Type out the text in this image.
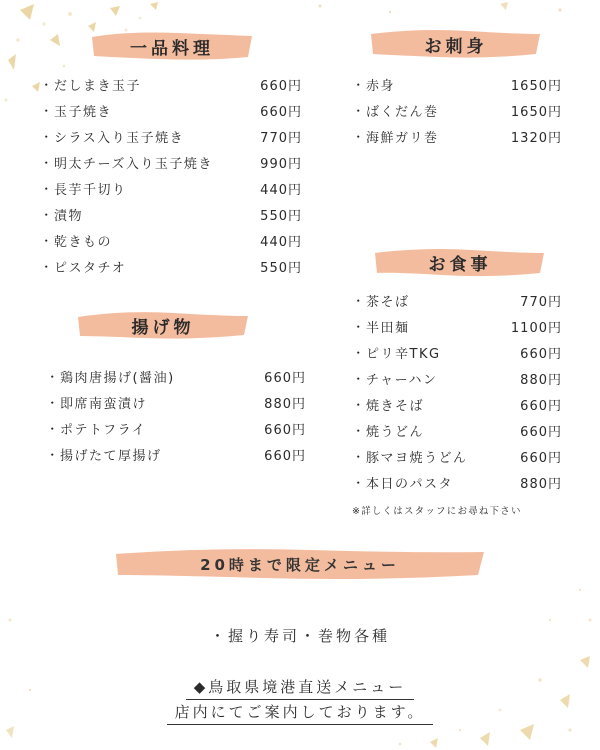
一品料理
・ だしまき玉子	660円
・ 玉子焼き	660円
・ シラス入り玉子焼き	770円
・ 明太チーズ入り玉子焼き	990円
・ 長芋千切り	440円
・ 漬物	550円
・ 乾きもの	440円
・ ピスタチオ	550円
お刺身
・ 赤身	1650円
・ ばくだん巻	1650円
・ 海鮮ガリ巻	1320円
揚げ物
・ 鶏肉唐揚げ(醤油)	660円
・ 即席南蛮漬け	880円
・ ポテトフライ	660円
・ 揚げたて厚揚げ	660円
お食事
・ 茶そば	770円
・ 半田麺	1100円
・ ピリ辛TKG	660円
・ チャーハン	880円
・ 焼きそば	660円
・ 焼うどん	660円
・ 豚マヨ焼うどん	660円
・ 本日のパスタ	880円
※詳しくはスタッフにお尋ね下さい
20時まで限定メニュー
・握り寿司・巻物各種
◆鳥取県境港直送メニュー
店内にてご案内しております。
